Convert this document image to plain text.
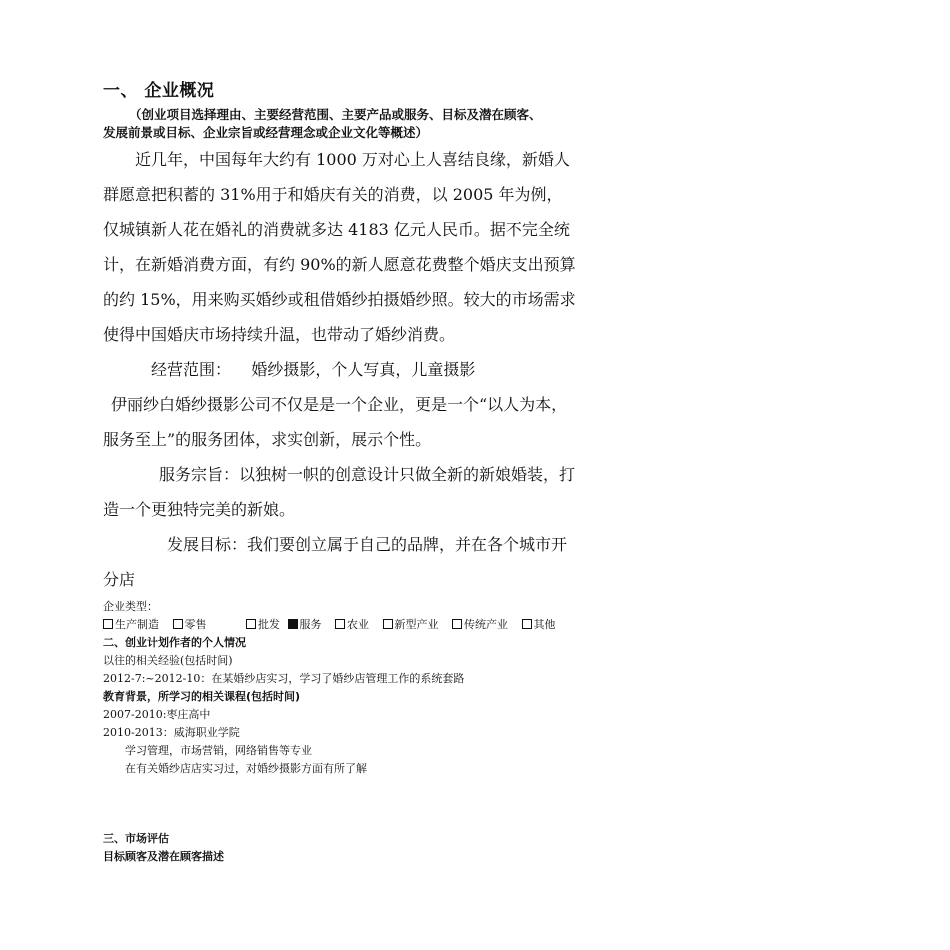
一、 企业概况
（创业项目选择理由、主要经营范围、主要产品或服务、目标及潜在顾客、
发展前景或目标、企业宗旨或经营理念或企业文化等概述）

近几年，中国每年大约有 1000 万对心上人喜结良缘，新婚人群愿意把积蓄的 31%用于和婚庆有关的消费，以 2005 年为例，仅城镇新人花在婚礼的消费就多达 4183 亿元人民币。据不完全统计，在新婚消费方面，有约 90%的新人愿意花费整个婚庆支出预算的约 15%，用来购买婚纱或租借婚纱拍摄婚纱照。较大的市场需求使得中国婚庆市场持续升温，也带动了婚纱消费。

经营范围：    婚纱摄影，个人写真，儿童摄影

伊丽纱白婚纱摄影公司不仅是是一个企业，更是一个“以人为本，服务至上”的服务团体，求实创新，展示个性。

服务宗旨：以独树一帜的创意设计只做全新的新娘婚装，打造一个更独特完美的新娘。

发展目标：我们要创立属于自己的品牌，并在各个城市开分店

企业类型：
生产制造 零售	批发 服务 农业 新型产业 传统产业 其他
二、创业计划作者的个人情况
以往的相关经验(包括时间)
2012-7:~2012-10：在某婚纱店实习，学习了婚纱店管理工作的系统套路
教育背景，所学习的相关课程(包括时间)
2007-2010:枣庄高中
2010-2013：威海职业学院
学习管理，市场营销，网络销售等专业
在有关婚纱店店实习过，对婚纱摄影方面有所了解
三、市场评估
目标顾客及潜在顾客描述
